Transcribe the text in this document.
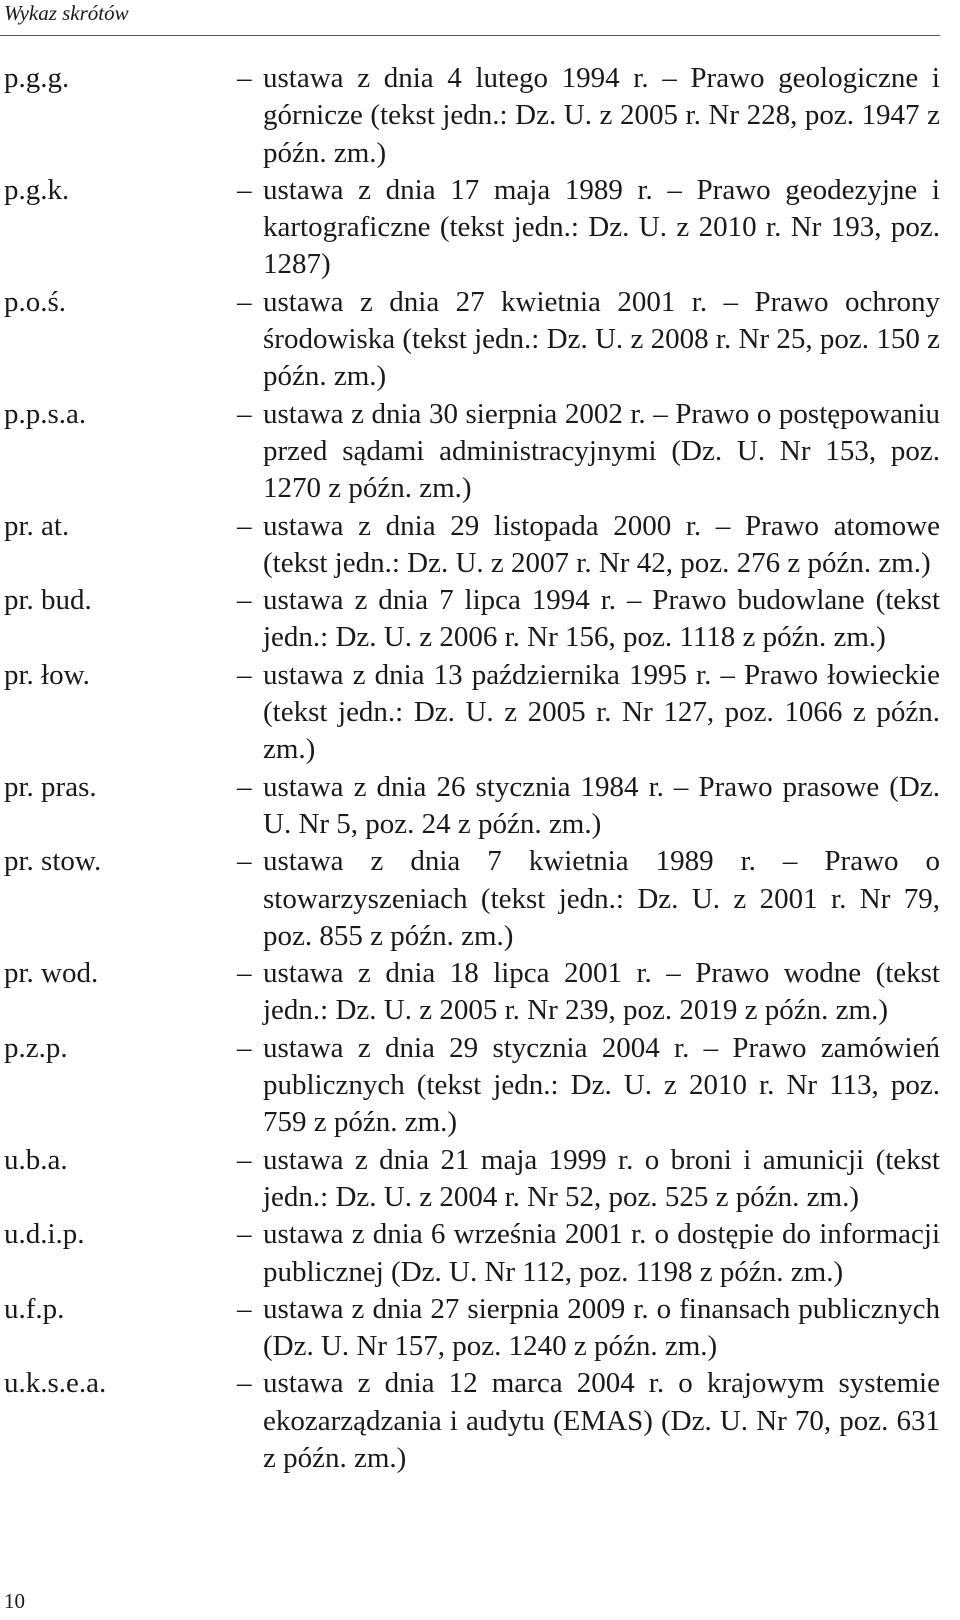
Wykaz skrótów
p.g.g.	– ustawa z dnia 4 lutego 1994 r. – Prawo geologiczne i górnicze (tekst jedn.: Dz. U. z 2005 r. Nr 228, poz. 1947 z późn. zm.)
p.g.k.	– ustawa z dnia 17 maja 1989 r. – Prawo geodezyjne i kartograficzne (tekst jedn.: Dz. U. z 2010 r. Nr 193, poz. 1287)
p.o.ś.	– ustawa z dnia 27 kwietnia 2001 r. – Prawo ochrony środowiska (tekst jedn.: Dz. U. z 2008 r. Nr 25, poz. 150 z późn. zm.)
p.p.s.a.	– ustawa z dnia 30 sierpnia 2002 r. – Prawo o postępowaniu przed sądami administracyjnymi (Dz. U. Nr 153, poz. 1270 z późn. zm.)
pr. at.	– ustawa z dnia 29 listopada 2000 r. – Prawo atomowe (tekst jedn.: Dz. U. z 2007 r. Nr 42, poz. 276 z późn. zm.)
pr. bud.	– ustawa z dnia 7 lipca 1994 r. – Prawo budowlane (tekst jedn.: Dz. U. z 2006 r. Nr 156, poz. 1118 z późn. zm.)
pr. łow.	– ustawa z dnia 13 października 1995 r. – Prawo łowieckie (tekst jedn.: Dz. U. z 2005 r. Nr 127, poz. 1066 z późn. zm.)
pr. pras.	– ustawa z dnia 26 stycznia 1984 r. – Prawo prasowe (Dz. U. Nr 5, poz. 24 z późn. zm.)
pr. stow.	– ustawa z dnia 7 kwietnia 1989 r. – Prawo o stowarzyszeniach (tekst jedn.: Dz. U. z 2001 r. Nr 79, poz. 855 z późn. zm.)
pr. wod.	– ustawa z dnia 18 lipca 2001 r. – Prawo wodne (tekst jedn.: Dz. U. z 2005 r. Nr 239, poz. 2019 z późn. zm.)
p.z.p.	– ustawa z dnia 29 stycznia 2004 r. – Prawo zamówień publicznych (tekst jedn.: Dz. U. z 2010 r. Nr 113, poz. 759 z późn. zm.)
u.b.a.	– ustawa z dnia 21 maja 1999 r. o broni i amunicji (tekst jedn.: Dz. U. z 2004 r. Nr 52, poz. 525 z późn. zm.)
u.d.i.p.	– ustawa z dnia 6 września 2001 r. o dostępie do informacji publicznej (Dz. U. Nr 112, poz. 1198 z późn. zm.)
u.f.p.	– ustawa z dnia 27 sierpnia 2009 r. o finansach publicznych (Dz. U. Nr 157, poz. 1240 z późn. zm.)
u.k.s.e.a.	– ustawa z dnia 12 marca 2004 r. o krajowym systemie ekozarządzania i audytu (EMAS) (Dz. U. Nr 70, poz. 631 z późn. zm.)
10
